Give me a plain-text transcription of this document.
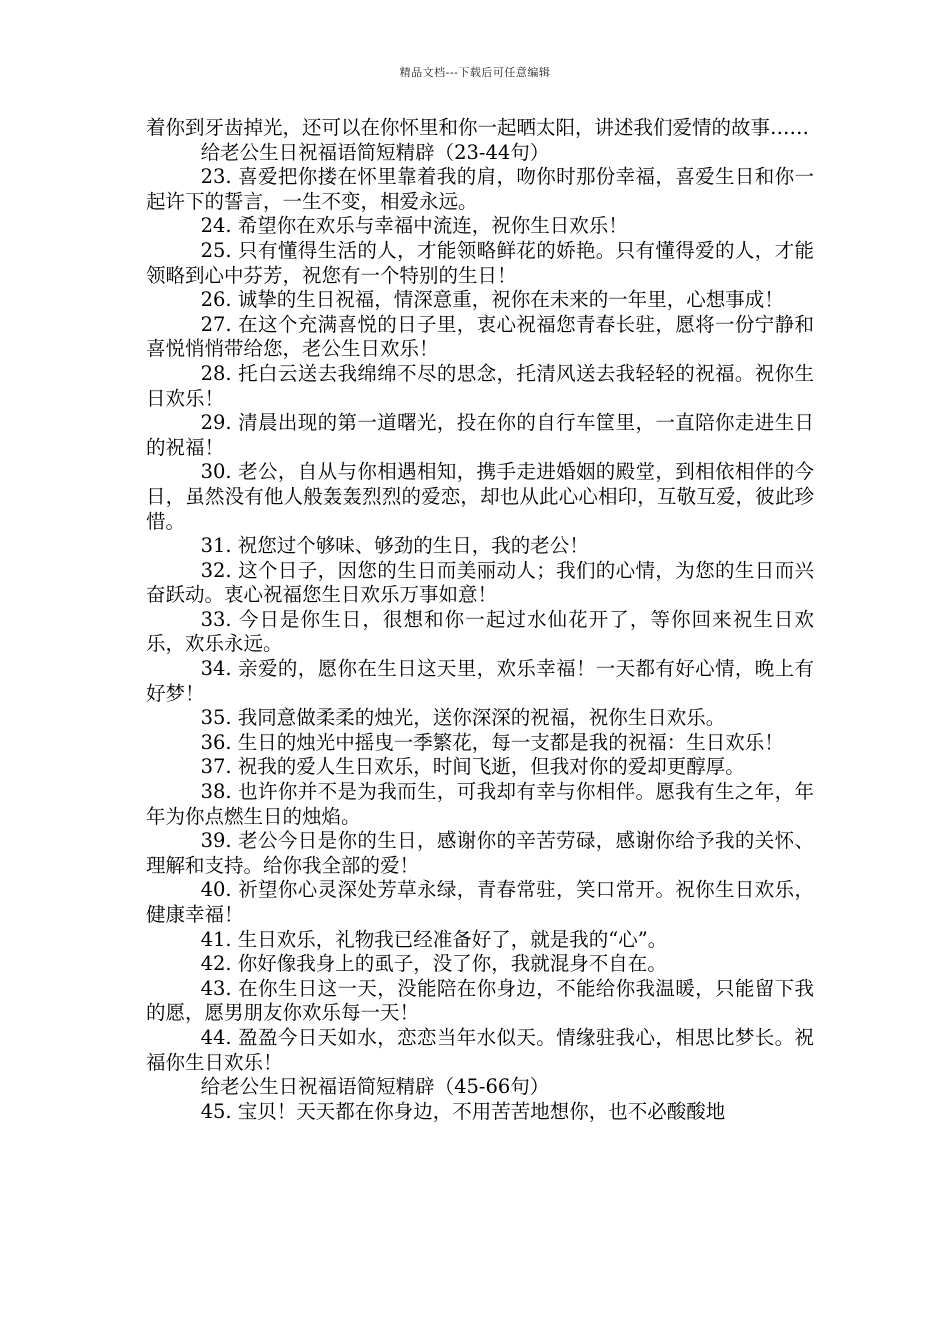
精品文档---下载后可任意编辑

着你到牙齿掉光，还可以在你怀里和你一起晒太阳，讲述我们爱情的故事……

给老公生日祝福语简短精辟（23-44句）

23. 喜爱把你搂在怀里靠着我的肩，吻你时那份幸福，喜爱生日和你一起许下的誓言，一生不变，相爱永远。

24. 希望你在欢乐与幸福中流连，祝你生日欢乐！

25. 只有懂得生活的人，才能领略鲜花的娇艳。只有懂得爱的人，才能领略到心中芬芳，祝您有一个特别的生日！

26. 诚挚的生日祝福，情深意重，祝你在未来的一年里，心想事成！

27. 在这个充满喜悦的日子里，衷心祝福您青春长驻，愿将一份宁静和喜悦悄悄带给您，老公生日欢乐！

28. 托白云送去我绵绵不尽的思念，托清风送去我轻轻的祝福。祝你生日欢乐！

29. 清晨出现的第一道曙光，投在你的自行车筐里，一直陪你走进生日的祝福！

30. 老公，自从与你相遇相知，携手走进婚姻的殿堂，到相依相伴的今日，虽然没有他人般轰轰烈烈的爱恋，却也从此心心相印，互敬互爱，彼此珍惜。

31. 祝您过个够味、够劲的生日，我的老公！

32. 这个日子，因您的生日而美丽动人；我们的心情，为您的生日而兴奋跃动。衷心祝福您生日欢乐万事如意！

33. 今日是你生日，很想和你一起过水仙花开了，等你回来祝生日欢乐，欢乐永远。

34. 亲爱的，愿你在生日这天里，欢乐幸福！一天都有好心情，晚上有好梦！

35. 我同意做柔柔的烛光，送你深深的祝福，祝你生日欢乐。

36. 生日的烛光中摇曳一季繁花，每一支都是我的祝福：生日欢乐！

37. 祝我的爱人生日欢乐，时间飞逝，但我对你的爱却更醇厚。

38. 也许你并不是为我而生，可我却有幸与你相伴。愿我有生之年，年年为你点燃生日的烛焰。

39. 老公今日是你的生日，感谢你的辛苦劳碌，感谢你给予我的关怀、理解和支持。给你我全部的爱！

40. 祈望你心灵深处芳草永绿，青春常驻，笑口常开。祝你生日欢乐，健康幸福！

41. 生日欢乐，礼物我已经准备好了，就是我的“心”。

42. 你好像我身上的虱子，没了你，我就混身不自在。

43. 在你生日这一天，没能陪在你身边，不能给你我温暖，只能留下我的愿，愿男朋友你欢乐每一天！

44. 盈盈今日天如水，恋恋当年水似天。情缘驻我心，相思比梦长。祝福你生日欢乐！

给老公生日祝福语简短精辟（45-66句）

45. 宝贝！天天都在你身边，不用苦苦地想你，也不必酸酸地
